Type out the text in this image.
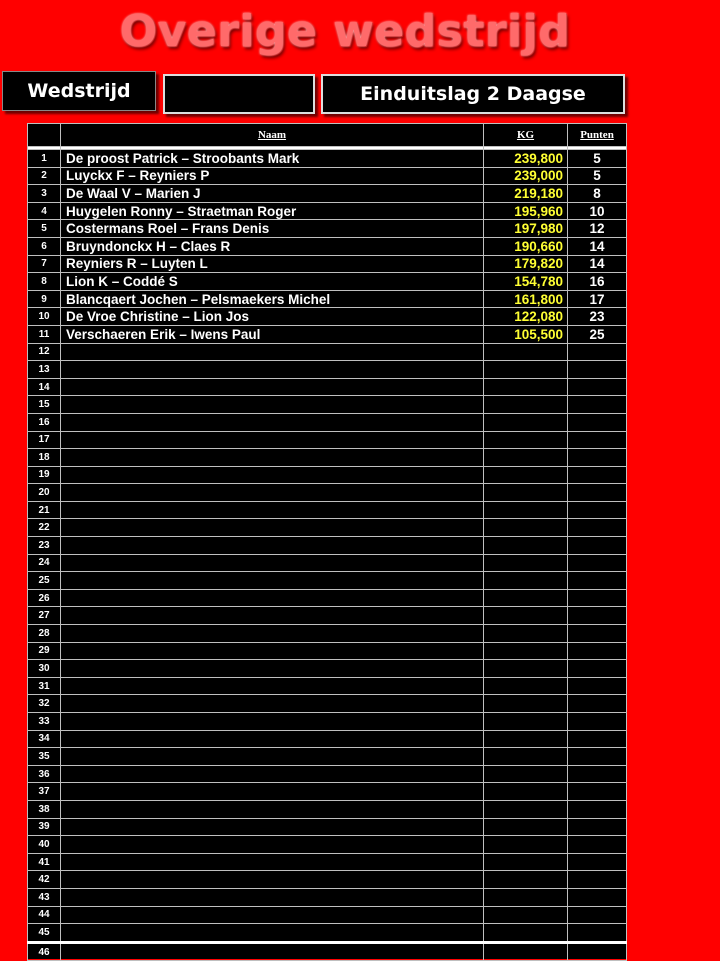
Overige wedstrijd
Wedstrijd	Einduitslag 2 Daagse
	Naam	KG	Punten

1	De proost Patrick – Stroobants Mark	239,800	5
2	Luyckx F – Reyniers P	239,000	5
3	De Waal V – Marien J	219,180	8
4	Huygelen Ronny – Straetman Roger	195,960	10
5	Costermans Roel – Frans Denis	197,980	12
6	Bruyndonckx H – Claes R	190,660	14
7	Reyniers R – Luyten L	179,820	14
8	Lion K – Coddé S	154,780	16
9	Blancqaert Jochen – Pelsmaekers Michel	161,800	17
10	De Vroe Christine – Lion Jos	122,080	23
11	Verschaeren Erik – Iwens Paul	105,500	25
12			
13			
14			
15			
16			
17			
18			
19			
20			
21			
22			
23			
24			
25			
26			
27			
28			
29			
30			
31			
32			
33			
34			
35			
36			
37			
38			
39			
40			
41			
42			
43			
44			
45			
46			
